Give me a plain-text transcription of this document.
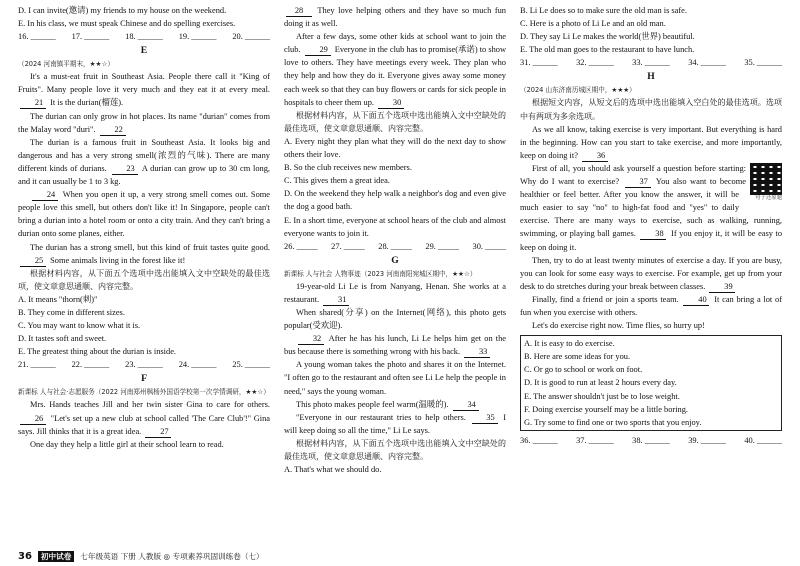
D. I can invite(邀请) my friends to my house on the weekend.

E. In his class, we must speak Chinese and do spelling exercises.

16. ______ 17. ______ 18. ______ 19. ______ 20. ______

E

（2024 河南镇平期末，★★☆）

It's a must-eat fruit in Southeast Asia. People there call it "King of Fruits". Many people love it very much and they eat it at every meal. 21 It is the durian(榴莲).

The durian can only grow in hot places. Its name "durian" comes from the Malay word "duri". 22

The durian is a famous fruit in Southeast Asia. It looks big and dangerous and has a very strong smell(浓烈的气味). There are many different kinds of durians. 23 A durian can grow up to 30 cm long, and it can usually be 1 to 3 kg.

24 When you open it up, a very strong smell comes out. Some people love this smell, but others don't like it! In Singapore, people can't bring a durian into a hotel room or onto a city train. And they can't bring a durian onto some planes, either.

The durian has a strong smell, but this kind of fruit tastes quite good. 25 Some animals living in the forest like it!

根据材料内容，从下面五个选项中选出能填入文中空缺处的最佳选项，使文章意思通顺、内容完整。

A. It means "thorn(刺)"

B. They come in different sizes.

C. You may want to know what it is.

D. It tastes soft and sweet.

E. The greatest thing about the durian is inside.

21. ______ 22. ______ 23. ______ 24. ______ 25. ______

F

新课标 人与社会·志愿服务（2022 河南郑州枫杨外国语学校第一次学情调研，★★☆）

Mrs. Hands teaches Jill and her twin sister Gina to care for others. 26 "Let's set up a new club at school called 'The Care Club'!" Gina says. Jill thinks that it is a great idea. 27

One day they help a little girl at their school learn to read.

28 They love helping others and they have so much fun doing it as well.

After a few days, some other kids at school want to join the club. 29 Everyone in the club has to promise(承诺) to show love to others. They have meetings every week. They plan who they help and how they do it. Everyone gives away some money each week so that they can buy flowers or cards for sick people in hospitals to cheer them up. 30

根据材料内容，从下面五个选项中选出能填入文中空缺处的最佳选项，使文章意思通顺、内容完整。

A. Every night they plan what they will do the next day to show others their love.

B. So the club receives new members.

C. This gives them a great idea.

D. On the weekend they help walk a neighbor's dog and even give the dog a good bath.

E. In a short time, everyone at school hears of the club and almost everyone wants to join it.

26. _____ 27. _____ 28. _____ 29. _____ 30. _____

G

新课标 人与社会 人物事迹（2023 河南南阳宛城区期中，★★☆）

19-year-old Li Le is from Nanyang, Henan. She works at a restaurant. 31

When shared(分享) on the Internet(网络), this photo gets popular(受欢迎).

32 After he has his lunch, Li Le helps him get on the bus because there is something wrong with his back. 33

A young woman takes the photo and shares it on the Internet. "I often go to the restaurant and often see Li Le help the people in need," says the young woman.

This photo makes people feel warm(温暖的). 34

"Everyone in our restaurant tries to help others. 35 I will keep doing so all the time," Li Le says.

根据材料内容，从下面五个选项中选出能填入文中空缺处的最佳选项，使文章意思通顺、内容完整。

A. That's what we should do.

B. Li Le does so to make sure the old man is safe.

C. Here is a photo of Li Le and an old man.

D. They say Li Le makes the world(世界) beautiful.

E. The old man goes to the restaurant to have lunch.

31. ______ 32. ______ 33. ______ 34. ______ 35. ______

H

（2024 山东济南历城区期中，★★★）

根据短文内容，从短文后的选项中选出能填入空白处的最佳选项。选项中有两项为多余选项。

As we all know, taking exercise is very important. But everything is hard in the beginning. How can you start to take exercise, and more importantly, keep on doing it? 36

句子还原题
First of all, you should ask yourself a question before starting: Why do I want to exercise? 37 You also want to become healthier or feel better. After you know the answer, it will be much easier to say "no" to high-fat food and "yes" to daily exercise. There are many ways to exercise, such as walking, running, swimming, or playing ball games. 38 If you enjoy it, it will be easy to keep on doing it.

Then, try to do at least twenty minutes of exercise a day. If you are busy, you can look for some easy ways to exercise. For example, get up from your desk to do stretches during your break between classes. 39

Finally, find a friend or join a sports team. 40 It can bring a lot of fun when you exercise with others.

Let's do exercise right now. Time flies, so hurry up!

A. It is easy to do exercise.

B. Here are some ideas for you.

C. Or go to school or work on foot.

D. It is good to run at least 2 hours every day.

E. The answer shouldn't just be to lose weight.

F. Doing exercise yourself may be a little boring.

G. Try some to find one or two sports that you enjoy.

36. ______ 37. ______ 38. ______ 39. ______ 40. ______
36	初中试卷	七年级英语 下册 人教版 ◎ 专项素养巩固训练卷（七）
